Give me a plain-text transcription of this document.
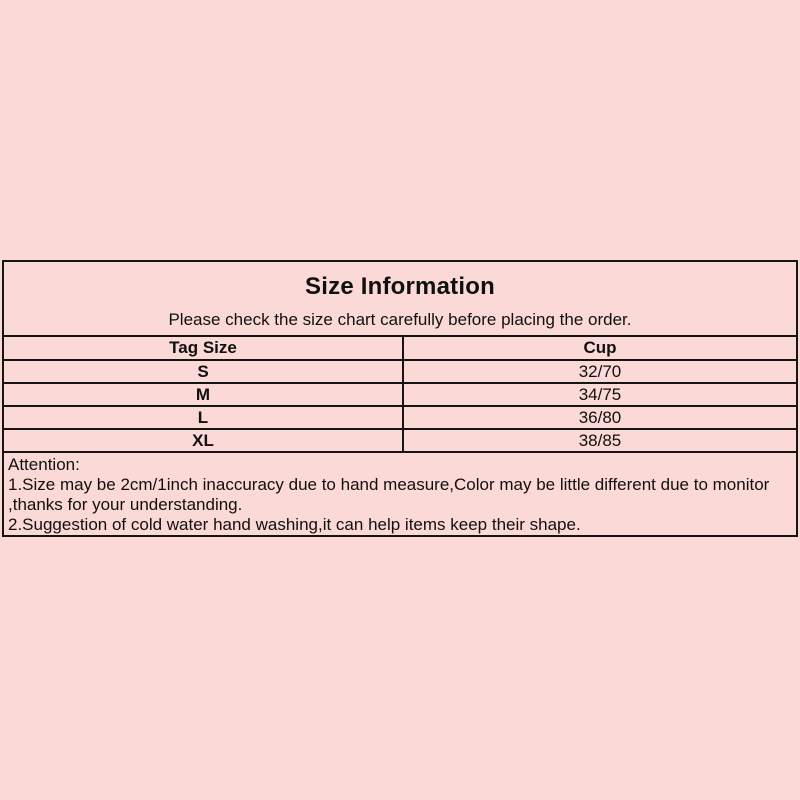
Size Information
Please check the size chart carefully before placing the order.
Tag Size	Cup
S	32/70
M	34/75
L	36/80
XL	38/85
Attention:
1.Size may be 2cm/1inch inaccuracy due to hand measure,Color may be little different due to monitor
,thanks for your understanding.
2.Suggestion of cold water hand washing,it can help items keep their shape.
